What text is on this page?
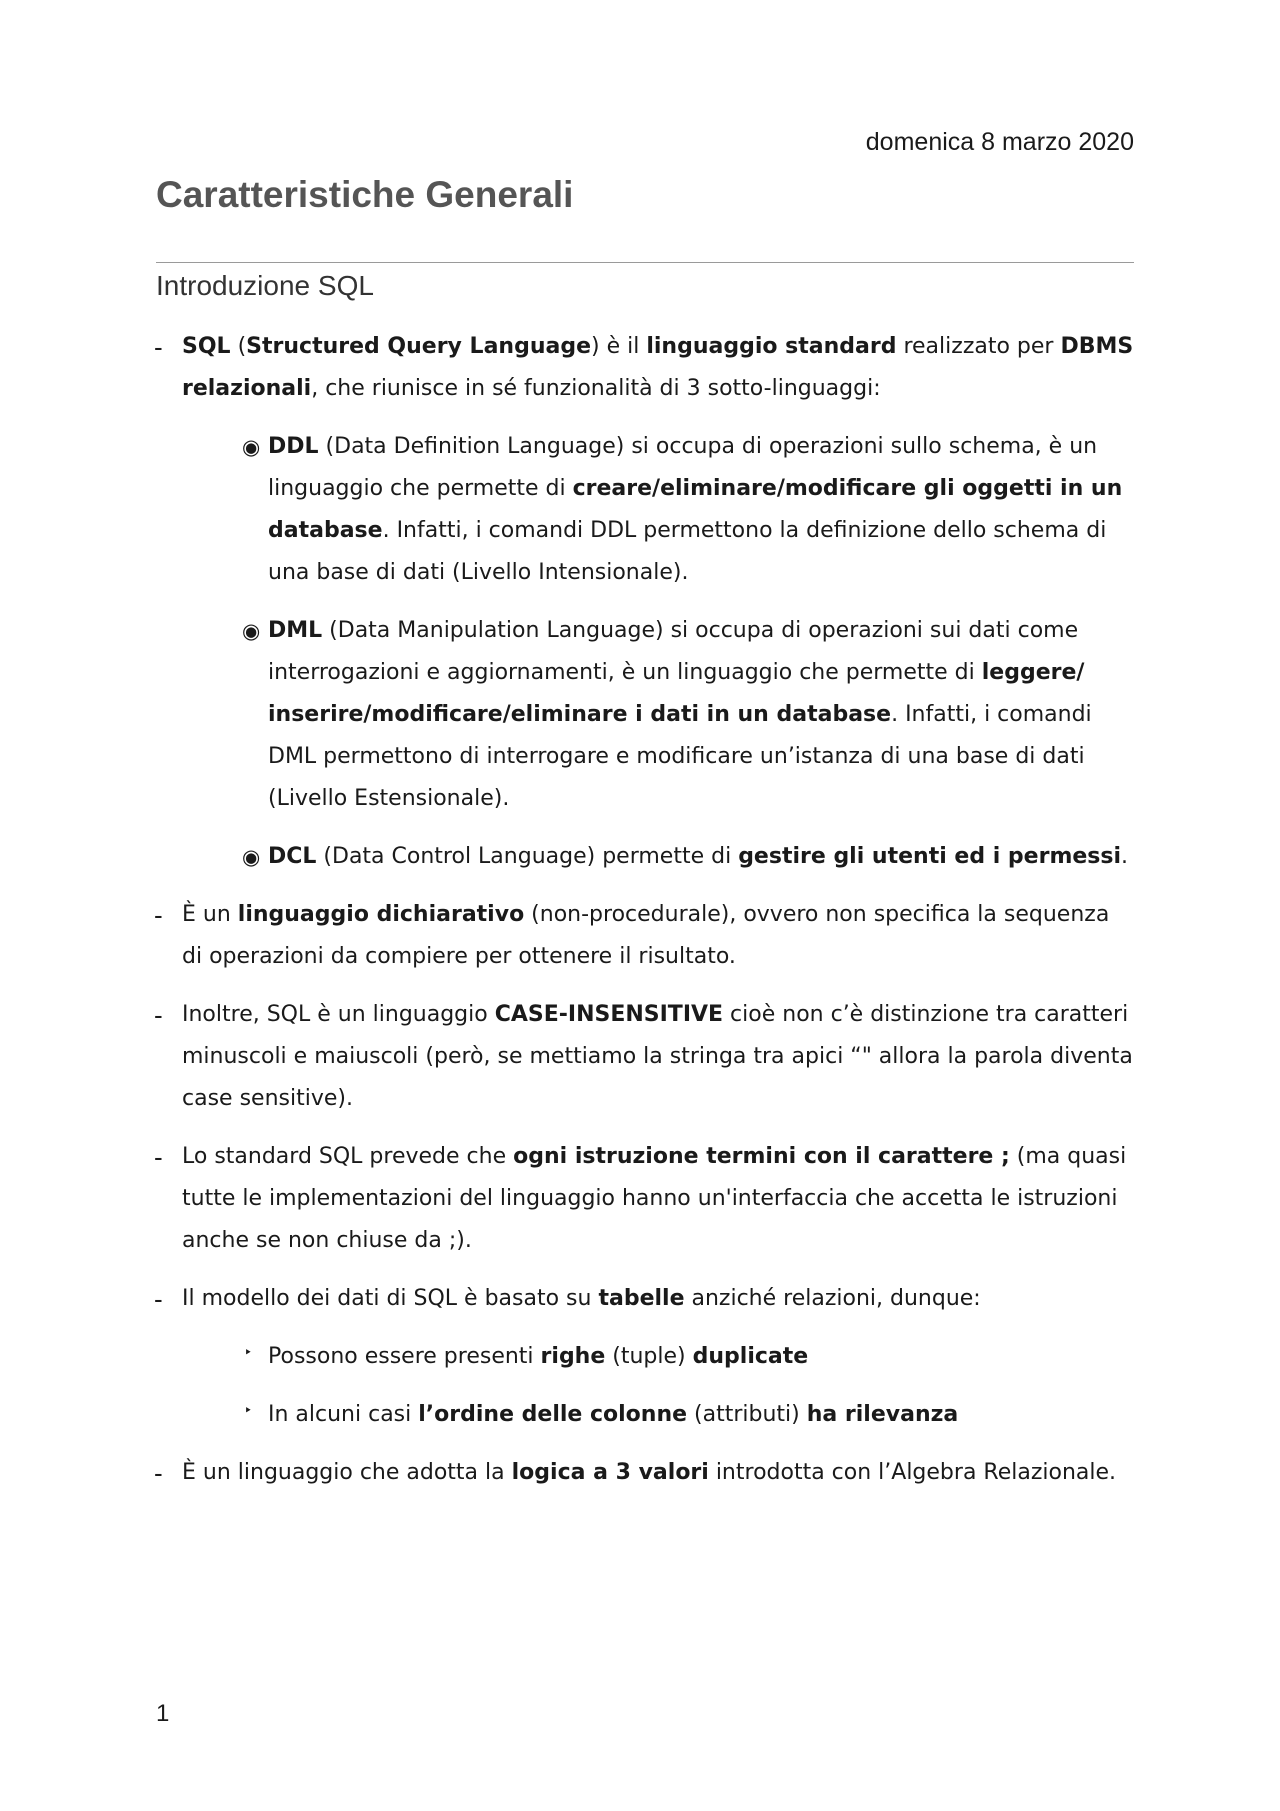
domenica 8 marzo 2020
Caratteristiche Generali
Introduzione SQL
- SQL (Structured Query Language) è il linguaggio standard realizzato per DBMS relazionali, che riunisce in sé funzionalità di 3 sotto-linguaggi:
◉ DDL (Data Definition Language) si occupa di operazioni sullo schema, è un linguaggio che permette di creare/eliminare/modificare gli oggetti in un database. Infatti, i comandi DDL permettono la definizione dello schema di una base di dati (Livello Intensionale).
◉ DML (Data Manipulation Language) si occupa di operazioni sui dati come interrogazioni e aggiornamenti, è un linguaggio che permette di leggere/ inserire/modificare/eliminare i dati in un database. Infatti, i comandi DML permettono di interrogare e modificare un’istanza di una base di dati (Livello Estensionale).
◉ DCL (Data Control Language) permette di gestire gli utenti ed i permessi.
- È un linguaggio dichiarativo (non-procedurale), ovvero non specifica la sequenza di operazioni da compiere per ottenere il risultato.
- Inoltre, SQL è un linguaggio CASE-INSENSITIVE cioè non c’è distinzione tra caratteri minuscoli e maiuscoli (però, se mettiamo la stringa tra apici “" allora la parola diventa case sensitive).
- Lo standard SQL prevede che ogni istruzione termini con il carattere ; (ma quasi tutte le implementazioni del linguaggio hanno un'interfaccia che accetta le istruzioni anche se non chiuse da ;).
- Il modello dei dati di SQL è basato su tabelle anziché relazioni, dunque:
‣ Possono essere presenti righe (tuple) duplicate
‣ In alcuni casi l’ordine delle colonne (attributi) ha rilevanza
- È un linguaggio che adotta la logica a 3 valori introdotta con l’Algebra Relazionale.
1
